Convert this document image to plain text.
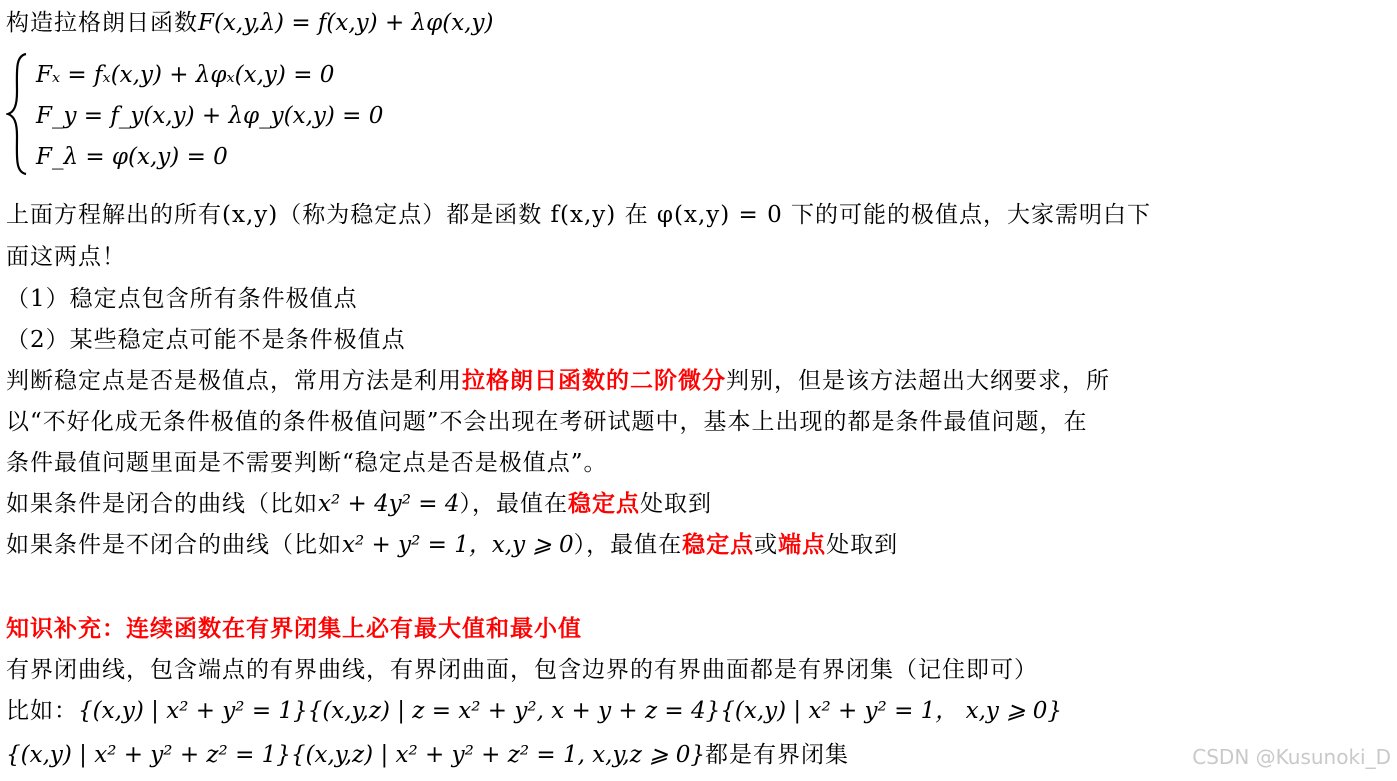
构造拉格朗日函数F(x,y,λ) = f(x,y) + λφ(x,y)
Fₓ = fₓ(x,y) + λφₓ(x,y) = 0
F_y = f_y(x,y) + λφ_y(x,y) = 0
F_λ = φ(x,y) = 0
上面方程解出的所有(x,y)（称为稳定点）都是函数 f(x,y) 在 φ(x,y) = 0 下的可能的极值点，大家需明白下
面这两点！
（1）稳定点包含所有条件极值点
（2）某些稳定点可能不是条件极值点
判断稳定点是否是极值点，常用方法是利用拉格朗日函数的二阶微分判别，但是该方法超出大纲要求，所
以“不好化成无条件极值的条件极值问题”不会出现在考研试题中，基本上出现的都是条件最值问题，在
条件最值问题里面是不需要判断“稳定点是否是极值点”。
如果条件是闭合的曲线（比如x² + 4y² = 4），最值在稳定点处取到
如果条件是不闭合的曲线（比如x² + y² = 1，x,y ⩾ 0），最值在稳定点或端点处取到
知识补充：连续函数在有界闭集上必有最大值和最小值
有界闭曲线，包含端点的有界曲线，有界闭曲面，包含边界的有界曲面都是有界闭集（记住即可）
比如：{(x,y) | x² + y² = 1}{(x,y,z) | z = x² + y², x + y + z = 4}{(x,y) | x² + y² = 1， x,y ⩾ 0}
{(x,y) | x² + y² + z² = 1}{(x,y,z) | x² + y² + z² = 1, x,y,z ⩾ 0}都是有界闭集	CSDN @Kusunoki_D
